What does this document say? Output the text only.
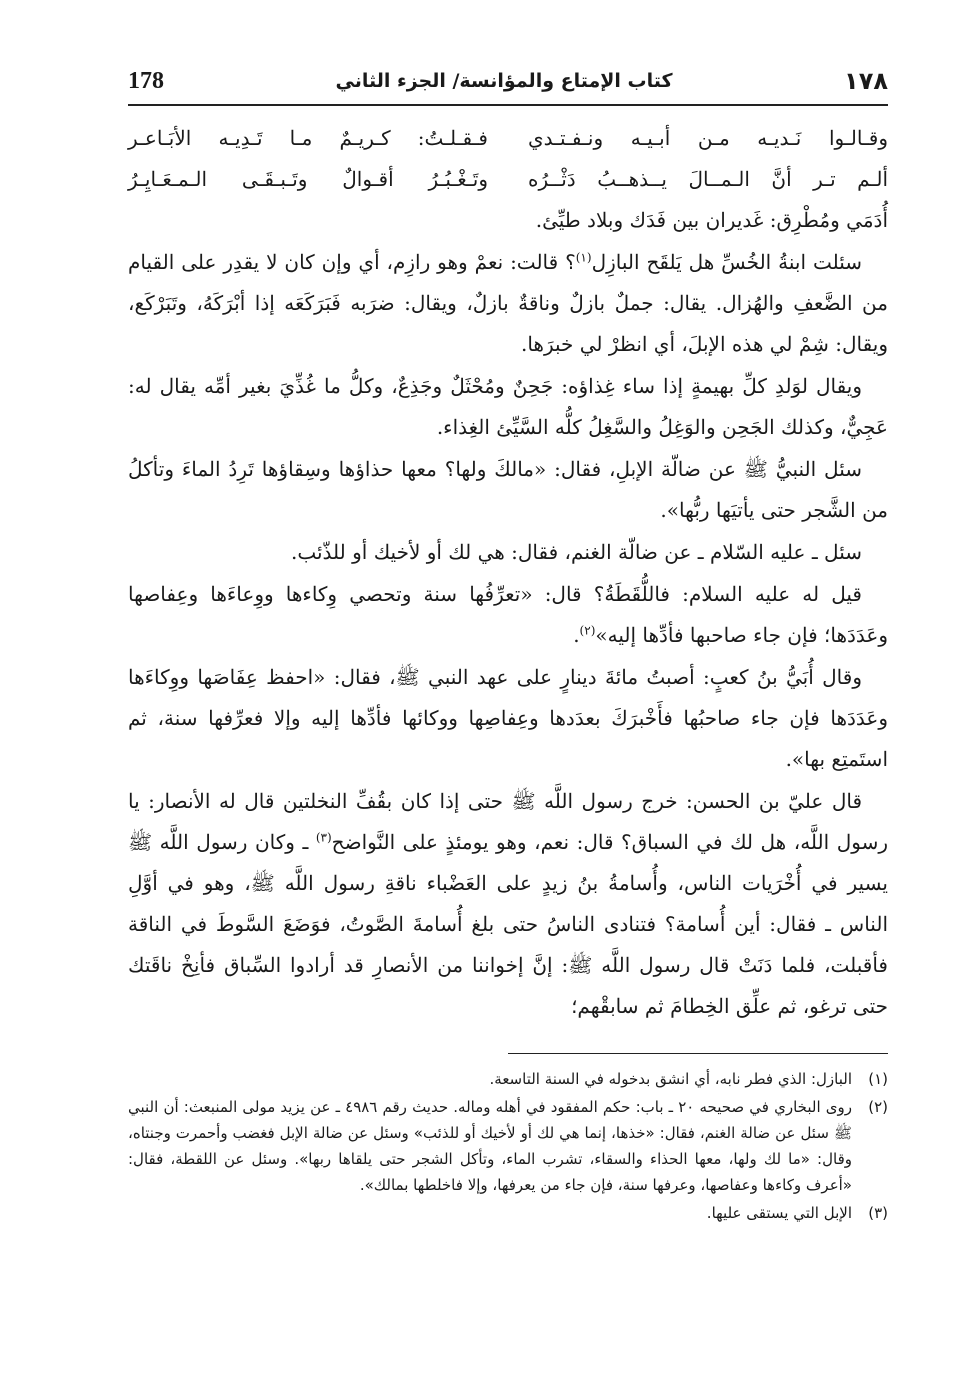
178	كتاب الإمتاع والمؤانسة/ الجزء الثاني	١٧٨
وقـالـوا نَـديـه مـن أبـيـه ونـفـتـدي
فـقـلـتُ: كـريـمٌ مـا تَـدِيـه الأبَـاعـر
ألـم تـر أنَّ الـمــالَ يــذهــبُ دَثْــرُه
وتَـغْـبُـرُ أقـوالٌ وتَـبـقَـى الـمـعَـايِـرُ

أُدَمَي ومُطْرِق: غَديران بين فَدَك وبلاد طيِّئ.

سئلت ابنةُ الخُسِّ هل يَلقَح البازِل$^{(١)}$؟ قالت: نعمْ وهو رازِم، أي وإن كان لا يقدِر على القيام من الضَّعفِ والهُزال. يقال: جملٌ بازلٌ وناقةٌ بازلٌ، ويقال: ضرَبه فَبَرَكَعَه إذا أبْرَكَهُ، وتَبَرْكَع، ويقال: شِمْ لي هذه الإبلَ، أي انظرْ لي خبرَها.

ويقال لوَلدِ كلِّ بهيمةٍ إذا ساء غِذاؤه: جَحِنٌ ومُحْثَلٌ وجَذِعٌ، وكلُّ ما غُذِّيَ بغير أمِّه يقال له: عَجِيٌّ، وكذلك الجَحِن والوَغِلُ والسَّغِلُ كلُّه السَّيِّئ الغِذاء.

سئل النبيُّ ﷺ عن ضالّة الإبلِ، فقال: «مالكَ ولها؟ معها حذاؤها وسِقاؤها تَرِدُ الماءَ وتأكلُ من الشَّجر حتى يأتيَها ربُّها».

سئل ـ عليه السّلام ـ عن ضالّة الغنم، فقال: هي لك أو لأخيك أو للذّئب.

قيل له عليه السلام: فاللُّقَطَةُ؟ قال: «تعرِّفُها سنة وتحصي وِكاءها ووِعاءَها وعِفاصها وعَدَدَها؛ فإن جاء صاحبها فأدِّها إليه»$^{(٢)}$.

وقال أُبَيُّ بنُ كعبٍ: أصبتُ مائةَ دينارٍ على عهد النبي ﷺ، فقال: «احفظ عِفَاصَها ووِكاءَها وعَدَدَها فإن جاء صاحبُها فأَخْبرَكَ بعدَدها وعِفاصِها ووكائها فأدِّها إليه وإلا فعرِّفها سنة، ثم استَمتِع بها».

قال عليّ بن الحسن: خرج رسول اللَّه ﷺ حتى إذا كان بقُفِّ النخلتين قال له الأنصار: يا رسول اللَّه، هل لك في السباق؟ قال: نعم، وهو يومئذٍ على النَّواضح$^{(٣)}$ ـ وكان رسول اللَّه ﷺ يسير في أُخْرَيات الناس، وأُسامةُ بنُ زيدٍ على العَضْباء ناقةِ رسول اللَّه ﷺ، وهو في أوَّلِ الناس ـ فقال: أين أُسامة؟ فتنادى الناسُ حتى بلغ أُسامةَ الصَّوتُ، فوَضَعَ السَّوطَ في الناقة فأقبلت، فلما دَنَتْ قال رسول اللَّه ﷺ: إنَّ إخواننا من الأنصارِ قد أرادوا السِّباق فأنِخْ ناقَتك حتى ترغو، ثم علِّق الخِطامَ ثم سابقْهم؛

(١)
البازل: الذي فطر نابه، أي انشق بدخوله في السنة التاسعة.
(٢)
روى البخاري في صحيحه ٢٠ ـ باب: حكم المفقود في أهله وماله. حديث رقم ٤٩٨٦ ـ عن يزيد مولى المنبعث: أن النبي ﷺ سئل عن ضالة الغنم، فقال: «خذها، إنما هي لك أو لأخيك أو للذئب» وسئل عن ضالة الإبل فغضب وأحمرت وجنتاه، وقال: «ما لك ولها، معها الحذاء والسقاء، تشرب الماء، وتأكل الشجر حتى يلقاها ربها». وسئل عن اللقطة، فقال: «أعرف وكاءها وعفاصها، وعرفها سنة، فإن جاء من يعرفها، وإلا فاخلطها بمالك».
(٣)
الإبل التي يستقى عليها.
